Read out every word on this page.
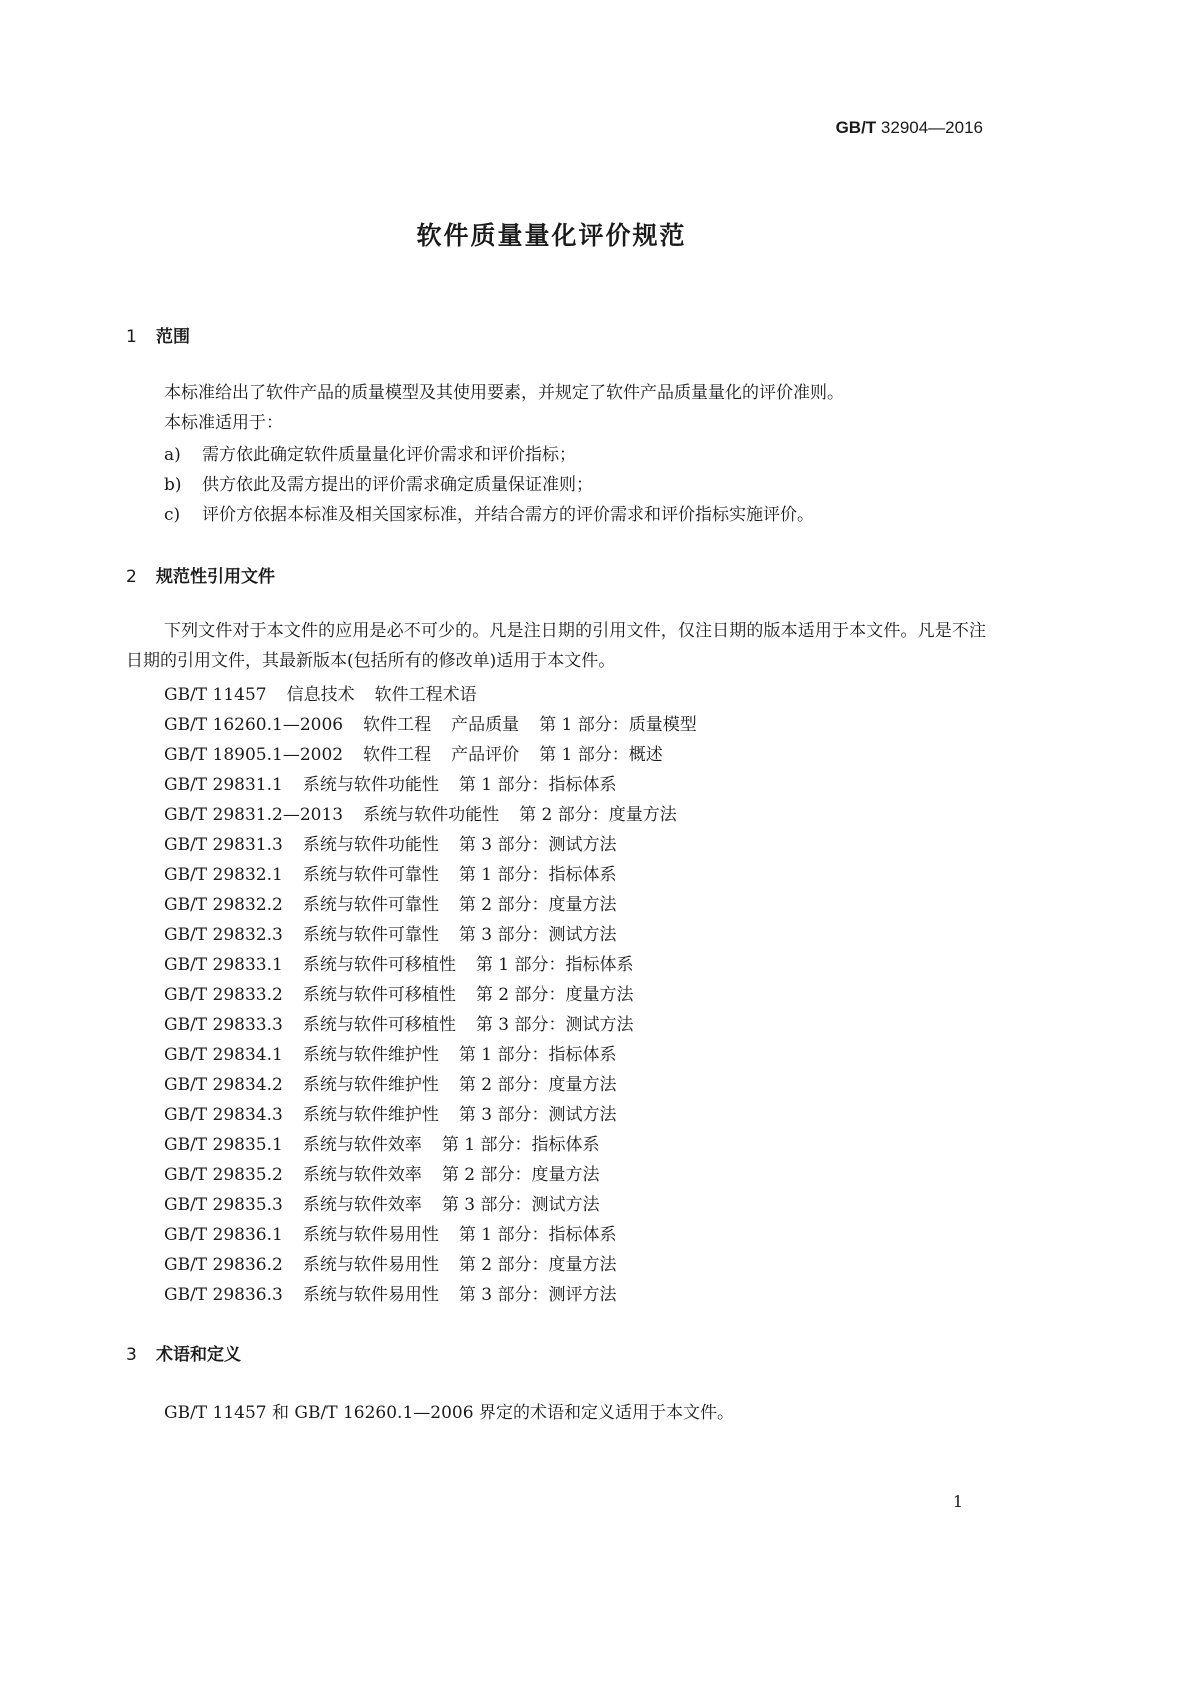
GB/T 32904—2016
软件质量量化评价规范
1 范围
本标准给出了软件产品的质量模型及其使用要素，并规定了软件产品质量量化的评价准则。
本标准适用于：
a) 需方依此确定软件质量量化评价需求和评价指标；
b) 供方依此及需方提出的评价需求确定质量保证准则；
c) 评价方依据本标准及相关国家标准，并结合需方的评价需求和评价指标实施评价。
2 规范性引用文件
下列文件对于本文件的应用是必不可少的。凡是注日期的引用文件，仅注日期的版本适用于本文件。凡是不注日期的引用文件，其最新版本(包括所有的修改单)适用于本文件。
GB/T 11457 信息技术 软件工程术语
GB/T 16260.1—2006 软件工程 产品质量 第 1 部分：质量模型
GB/T 18905.1—2002 软件工程 产品评价 第 1 部分：概述
GB/T 29831.1 系统与软件功能性 第 1 部分：指标体系
GB/T 29831.2—2013 系统与软件功能性 第 2 部分：度量方法
GB/T 29831.3 系统与软件功能性 第 3 部分：测试方法
GB/T 29832.1 系统与软件可靠性 第 1 部分：指标体系
GB/T 29832.2 系统与软件可靠性 第 2 部分：度量方法
GB/T 29832.3 系统与软件可靠性 第 3 部分：测试方法
GB/T 29833.1 系统与软件可移植性 第 1 部分：指标体系
GB/T 29833.2 系统与软件可移植性 第 2 部分：度量方法
GB/T 29833.3 系统与软件可移植性 第 3 部分：测试方法
GB/T 29834.1 系统与软件维护性 第 1 部分：指标体系
GB/T 29834.2 系统与软件维护性 第 2 部分：度量方法
GB/T 29834.3 系统与软件维护性 第 3 部分：测试方法
GB/T 29835.1 系统与软件效率 第 1 部分：指标体系
GB/T 29835.2 系统与软件效率 第 2 部分：度量方法
GB/T 29835.3 系统与软件效率 第 3 部分：测试方法
GB/T 29836.1 系统与软件易用性 第 1 部分：指标体系
GB/T 29836.2 系统与软件易用性 第 2 部分：度量方法
GB/T 29836.3 系统与软件易用性 第 3 部分：测评方法
3 术语和定义
GB/T 11457 和 GB/T 16260.1—2006 界定的术语和定义适用于本文件。
1
